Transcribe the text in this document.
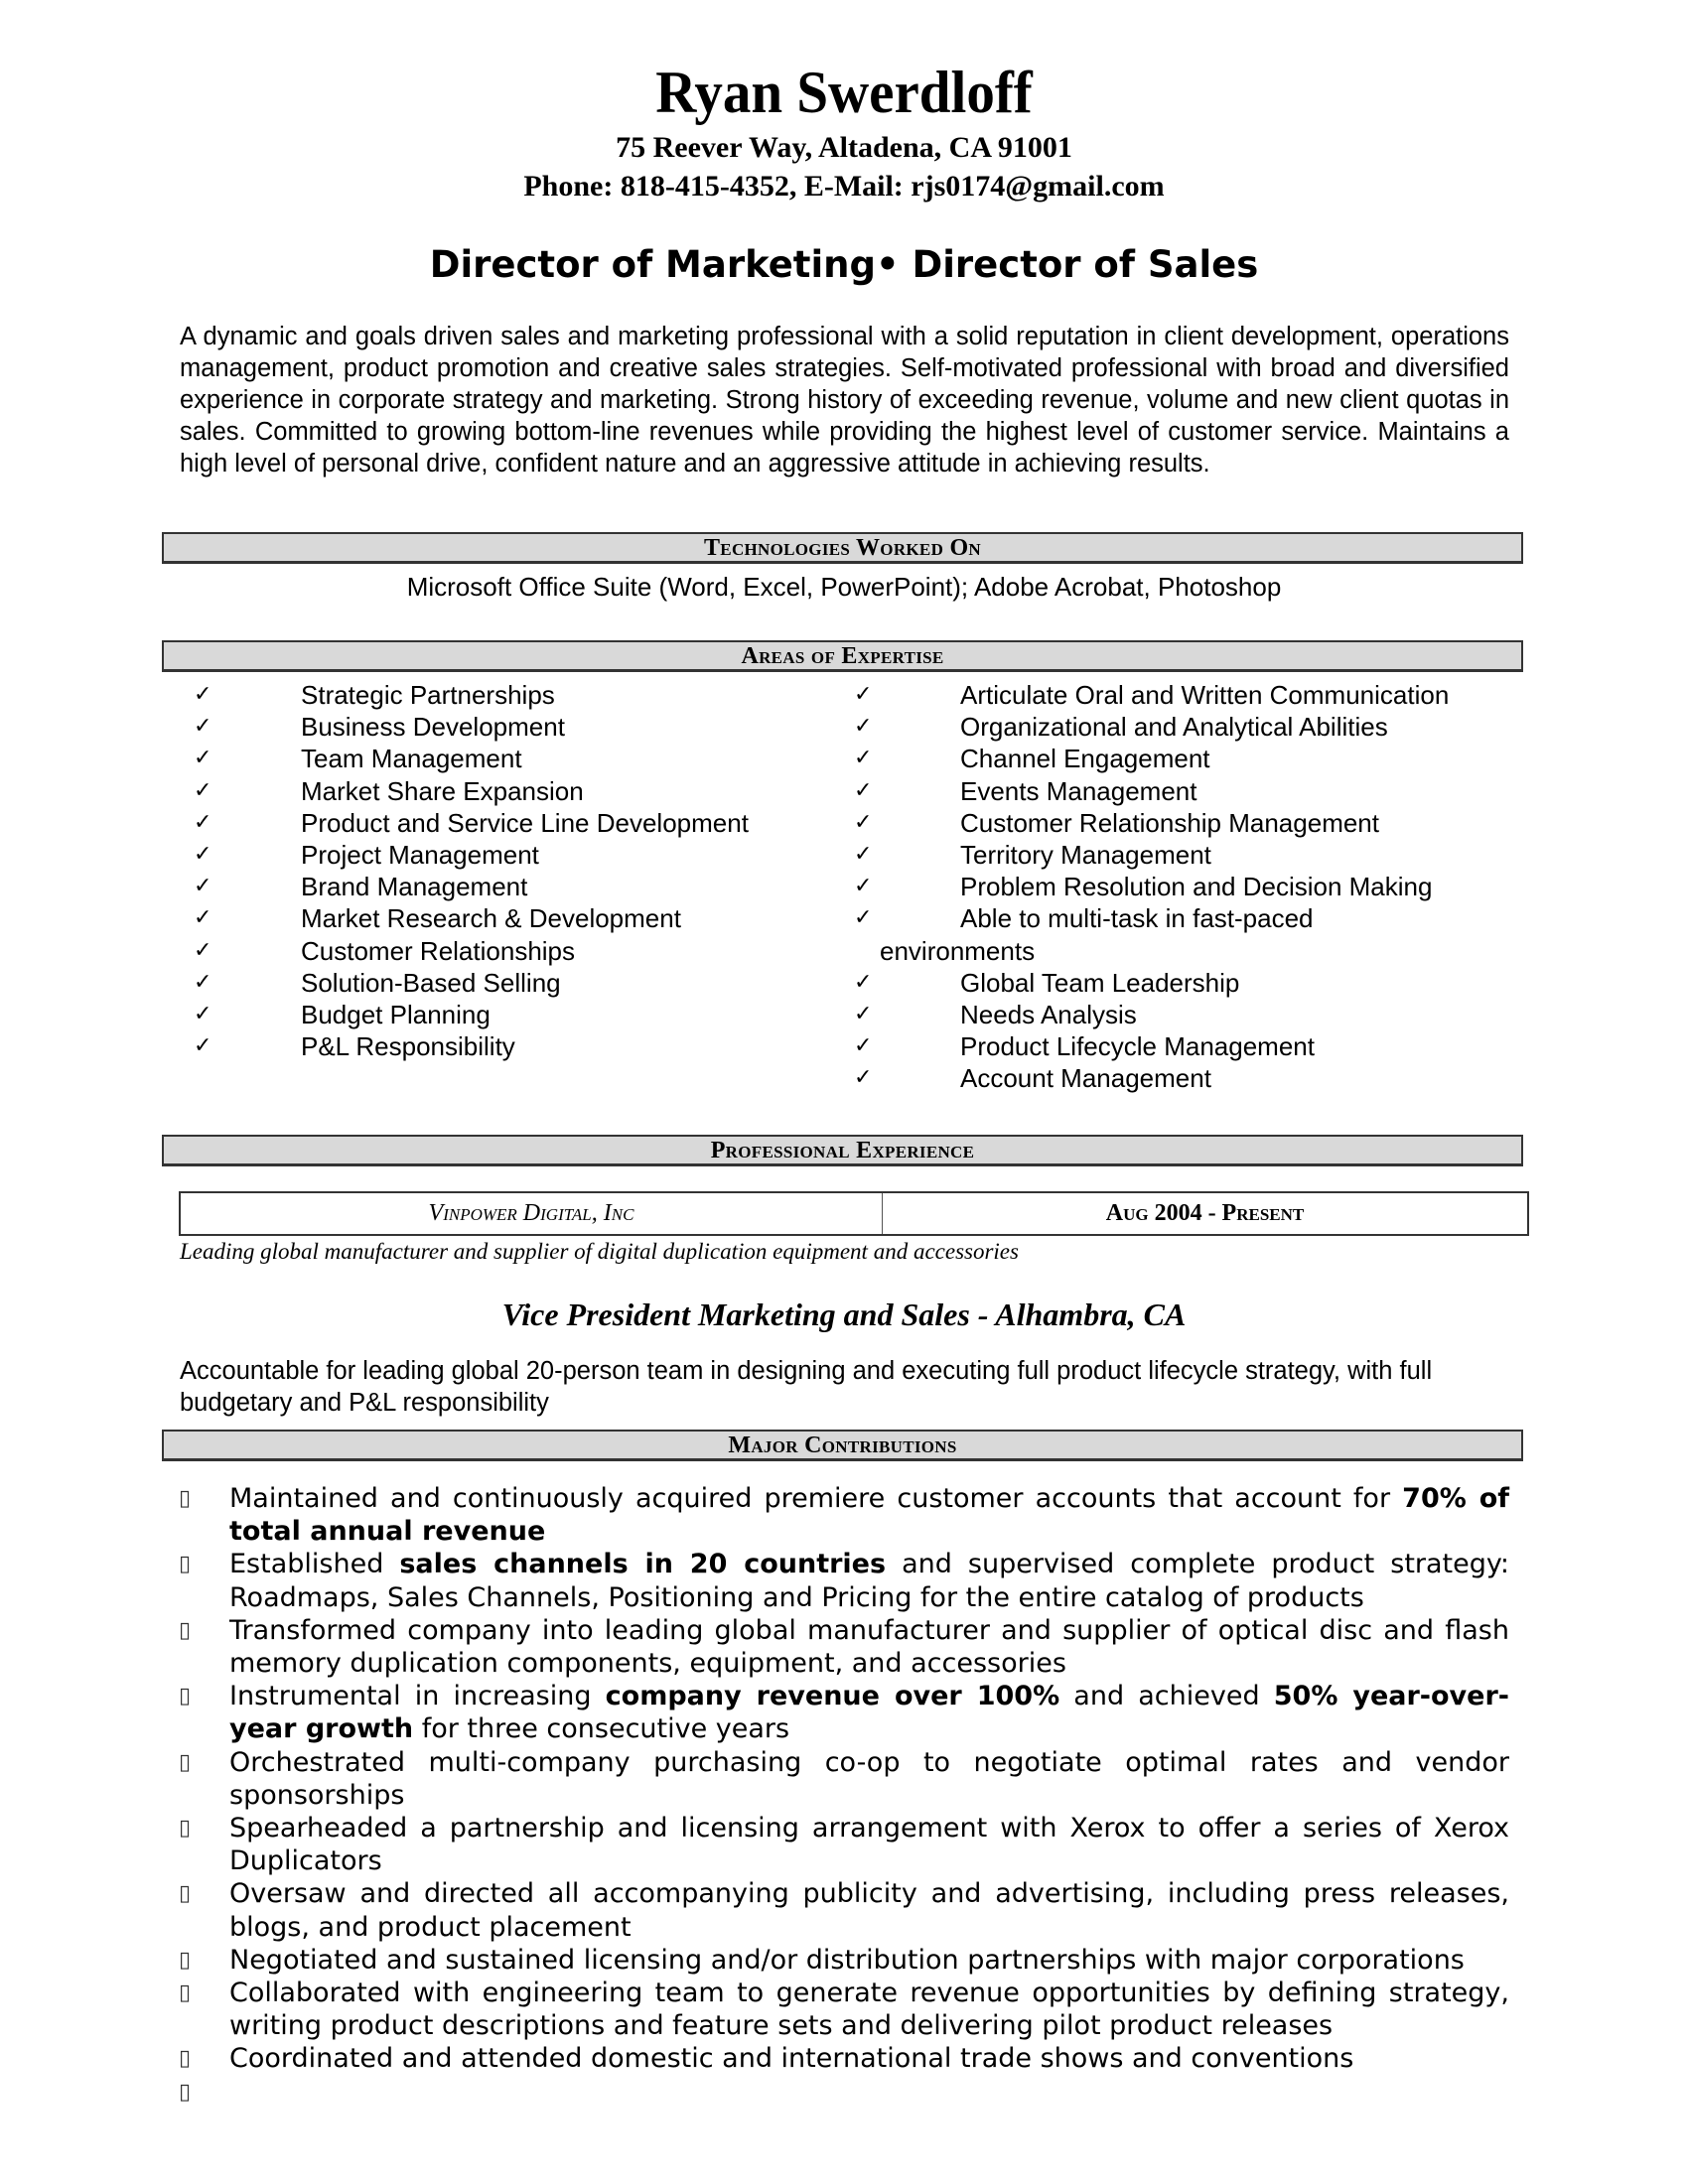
Ryan Swerdloff
75 Reever Way, Altadena, CA 91001
Phone: 818-415-4352, E-Mail: rjs0174@gmail.com
Director of Marketing• Director of Sales
A dynamic and goals driven sales and marketing professional with a solid reputation in client development, operations management, product promotion and creative sales strategies. Self-motivated professional with broad and diversified experience in corporate strategy and marketing. Strong history of exceeding revenue, volume and new client quotas in sales. Committed to growing bottom-line revenues while providing the highest level of customer service. Maintains a high level of personal drive, confident nature and an aggressive attitude in achieving results.
Technologies Worked On
Microsoft Office Suite (Word, Excel, PowerPoint); Adobe Acrobat, Photoshop
Areas of Expertise
✓	Strategic Partnerships
✓	Business Development
✓	Team Management
✓	Market Share Expansion
✓	Product and Service Line Development
✓	Project Management
✓	Brand Management
✓	Market Research & Development
✓	Customer Relationships
✓	Solution-Based Selling
✓	Budget Planning
✓	P&L Responsibility
✓	Articulate Oral and Written Communication
✓	Organizational and Analytical Abilities
✓	Channel Engagement
✓	Events Management
✓	Customer Relationship Management
✓	Territory Management
✓	Problem Resolution and Decision Making
✓	Able to multi-task in fast-paced
environments
✓	Global Team Leadership
✓	Needs Analysis
✓	Product Lifecycle Management
✓	Account Management
Professional Experience
Vinpower Digital, Inc	Aug 2004 - Present
Leading global manufacturer and supplier of digital duplication equipment and accessories
Vice President Marketing and Sales - Alhambra, CA
Accountable for leading global 20-person team in designing and executing full product lifecycle strategy, with full budgetary and P&L responsibility
Major Contributions
▯ Maintained and continuously acquired premiere customer accounts that account for 70% of total annual revenue
▯ Established sales channels in 20 countries and supervised complete product strategy: Roadmaps, Sales Channels, Positioning and Pricing for the entire catalog of products
▯ Transformed company into leading global manufacturer and supplier of optical disc and flash memory duplication components, equipment, and accessories
▯ Instrumental in increasing company revenue over 100% and achieved 50% year-over-year growth for three consecutive years
▯ Orchestrated multi-company purchasing co-op to negotiate optimal rates and vendor sponsorships
▯ Spearheaded a partnership and licensing arrangement with Xerox to offer a series of Xerox Duplicators
▯ Oversaw and directed all accompanying publicity and advertising, including press releases, blogs, and product placement
▯ Negotiated and sustained licensing and/or distribution partnerships with major corporations
▯ Collaborated with engineering team to generate revenue opportunities by defining strategy, writing product descriptions and feature sets and delivering pilot product releases
▯ Coordinated and attended domestic and international trade shows and conventions
▯
